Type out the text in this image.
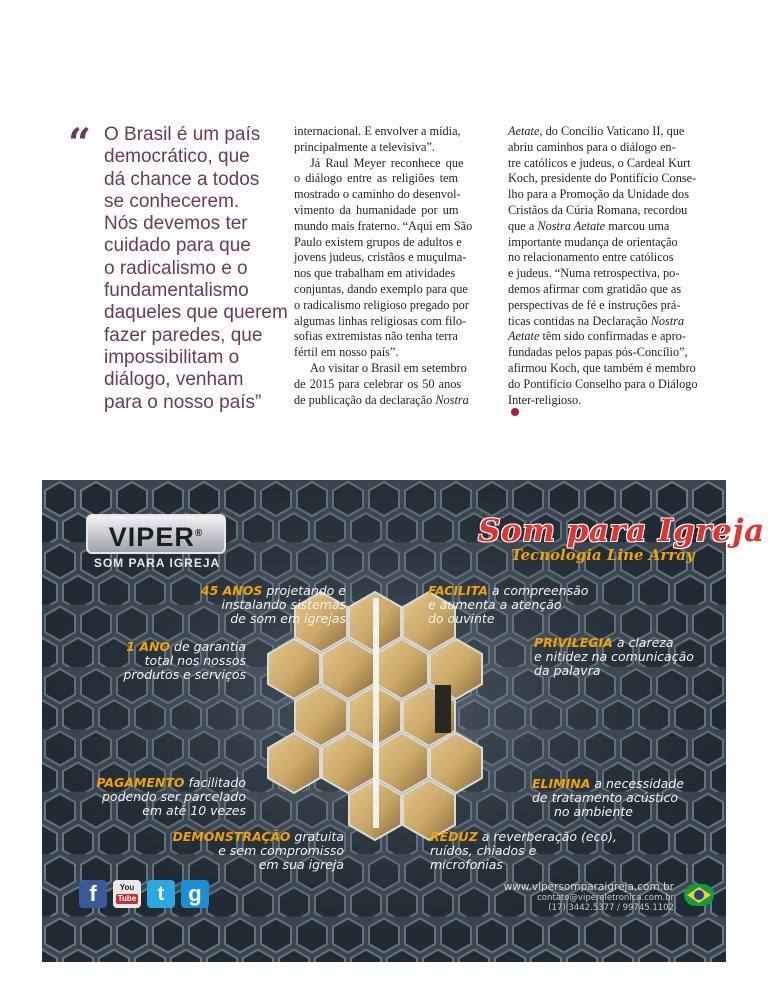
“ O Brasil é um país
democrático, que
dá chance a todos
se conhecerem.
Nós devemos ter
cuidado para que
o radicalismo e o
fundamentalismo
daqueles que querem
fazer paredes, que
impossibilitam o
diálogo, venham
para o nosso país”
internacional. E envolver a mídia,
principalmente a televisiva”.
Já Raul Meyer reconhece que
o diálogo entre as religiões tem
mostrado o caminho do desenvol-
vimento da humanidade por um
mundo mais fraterno. “Aqui em São
Paulo existem grupos de adultos e
jovens judeus, cristãos e muçulma-
nos que trabalham em atividades
conjuntas, dando exemplo para que
o radicalismo religioso pregado por
algumas linhas religiosas com filo-
sofias extremistas não tenha terra
fértil em nosso país”.
Ao visitar o Brasil em setembro
de 2015 para celebrar os 50 anos
de publicação da declaração Nostra
Aetate, do Concílio Vaticano II, que
abriu caminhos para o diálogo en-
tre católicos e judeus, o Cardeal Kurt
Koch, presidente do Pontifício Conse-
lho para a Promoção da Unidade dos
Cristãos da Cúria Romana, recordou
que a Nostra Aetate marcou uma
importante mudança de orientação
no relacionamento entre católicos
e judeus. “Numa retrospectiva, po-
demos afirmar com gratidão que as
perspectivas de fé e instruções prá-
ticas contidas na Declaração Nostra
Aetate têm sido confirmadas e apro-
fundadas pelos papas pós-Concílio”,
afirmou Koch, que também é membro
do Pontifício Conselho para o Diálogo
Inter-religioso.
VIPER®
SOM PARA IGREJA
Som para Igreja
Tecnologia Line Array
45 ANOS projetando e
instalando sistemas
de som em igrejas
1 ANO de garantia
total nos nossos
produtos e serviços
PAGAMENTO facilitado
podendo ser parcelado
em até 10 vezes
DEMONSTRAÇÃO gratuita
e sem compromisso
em sua igreja
FACILITA a compreensão
e aumenta a atenção
do ouvinte
PRIVILEGIA a clareza
e nitidez na comunicação
da palavra
ELIMINA a necessidade
de tratamento acústico
no ambiente
REDUZ a reverberação (eco),
ruídos, chiados e
microfonias
f	You
Tube	t	g	www.vipersomparaigreja.com.br
contato@vipereletronica.com.br
(17) 3442.5377 / 99745.1102
